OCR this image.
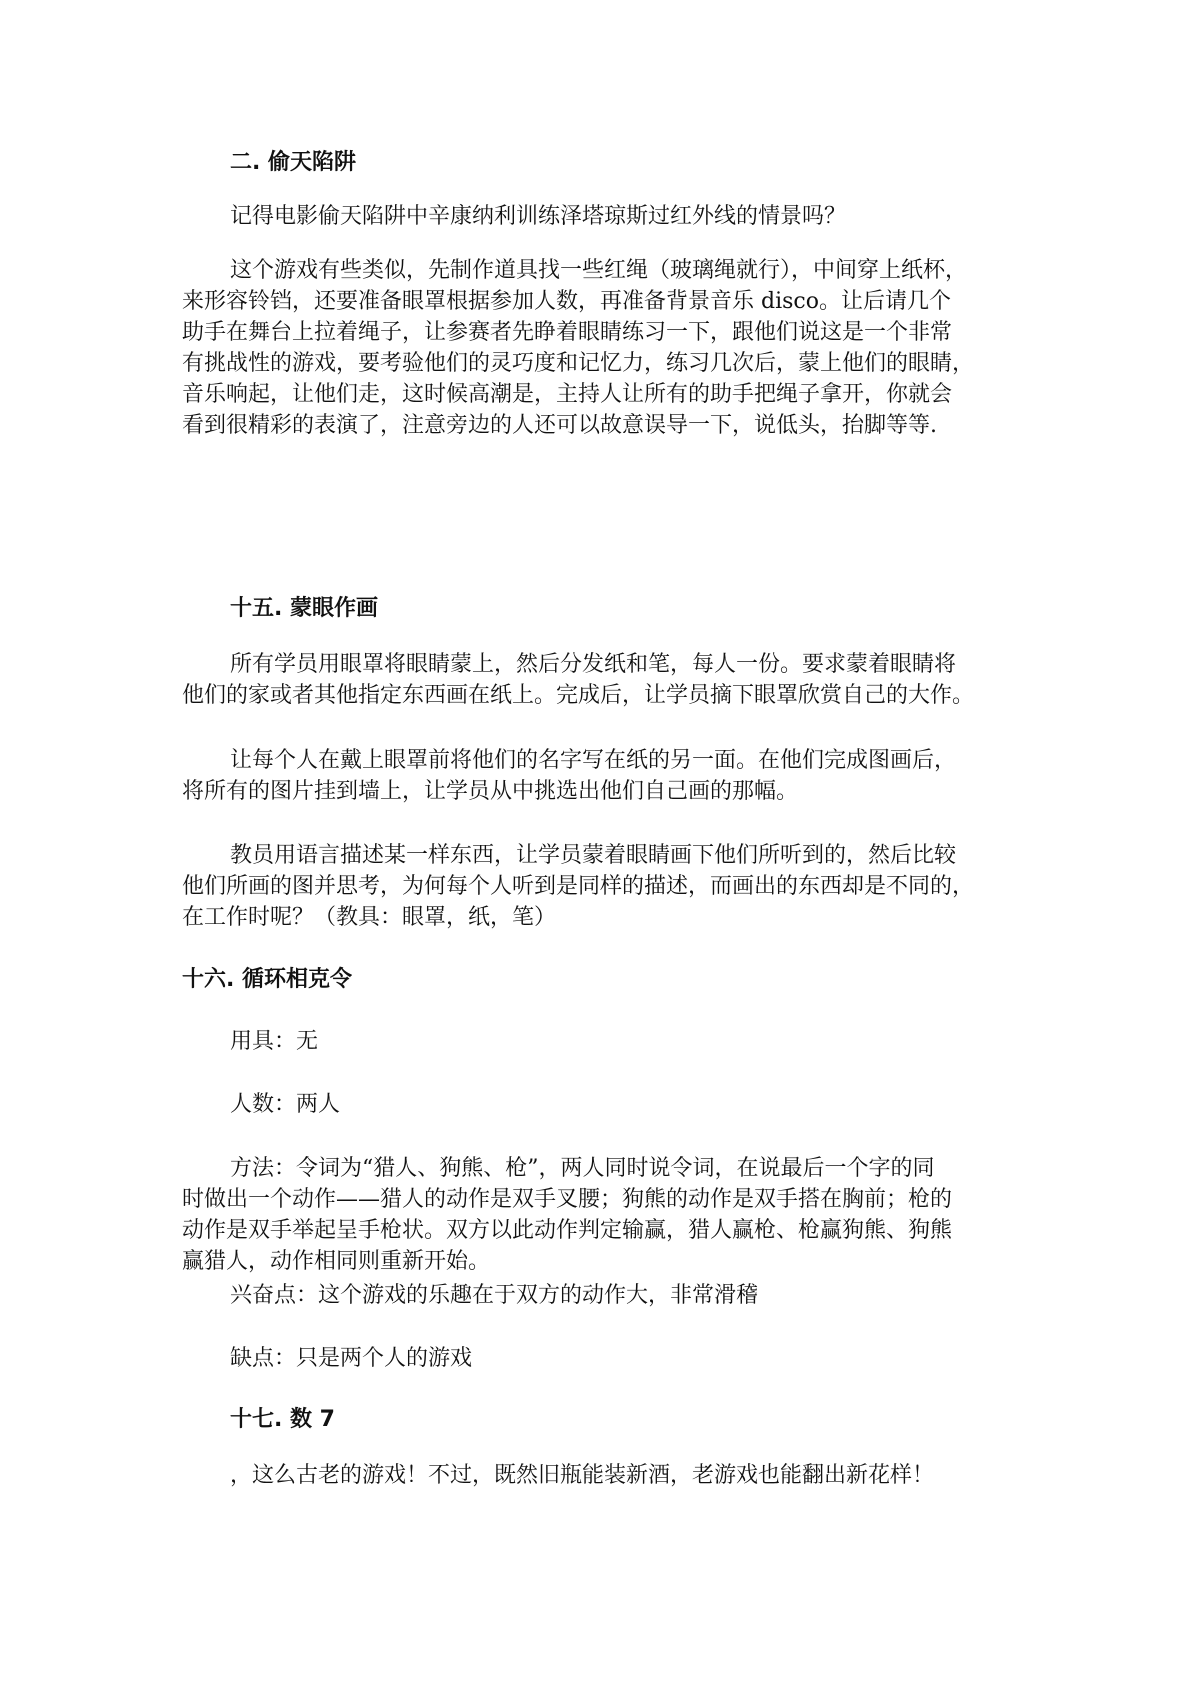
二. 偷天陷阱
记得电影偷天陷阱中辛康纳利训练泽塔琼斯过红外线的情景吗？
这个游戏有些类似，先制作道具找一些红绳（玻璃绳就行），中间穿上纸杯，
来形容铃铛，还要准备眼罩根据参加人数，再准备背景音乐 disco。让后请几个
助手在舞台上拉着绳子，让参赛者先睁着眼睛练习一下，跟他们说这是一个非常
有挑战性的游戏，要考验他们的灵巧度和记忆力，练习几次后，蒙上他们的眼睛，
音乐响起，让他们走，这时候高潮是，主持人让所有的助手把绳子拿开，你就会
看到很精彩的表演了，注意旁边的人还可以故意误导一下，说低头，抬脚等等.
十五. 蒙眼作画
所有学员用眼罩将眼睛蒙上，然后分发纸和笔，每人一份。要求蒙着眼睛将
他们的家或者其他指定东西画在纸上。完成后，让学员摘下眼罩欣赏自己的大作。
让每个人在戴上眼罩前将他们的名字写在纸的另一面。在他们完成图画后，
将所有的图片挂到墙上，让学员从中挑选出他们自己画的那幅。
教员用语言描述某一样东西，让学员蒙着眼睛画下他们所听到的，然后比较
他们所画的图并思考，为何每个人听到是同样的描述，而画出的东西却是不同的，
在工作时呢？（教具：眼罩，纸，笔）
十六. 循环相克令
用具：无
人数：两人
方法：令词为“猎人、狗熊、枪”，两人同时说令词，在说最后一个字的同
时做出一个动作——猎人的动作是双手叉腰；狗熊的动作是双手搭在胸前；枪的
动作是双手举起呈手枪状。双方以此动作判定输赢，猎人赢枪、枪赢狗熊、狗熊
赢猎人，动作相同则重新开始。
兴奋点：这个游戏的乐趣在于双方的动作大，非常滑稽
缺点：只是两个人的游戏
十七. 数 7
，这么古老的游戏！不过，既然旧瓶能装新酒，老游戏也能翻出新花样！
